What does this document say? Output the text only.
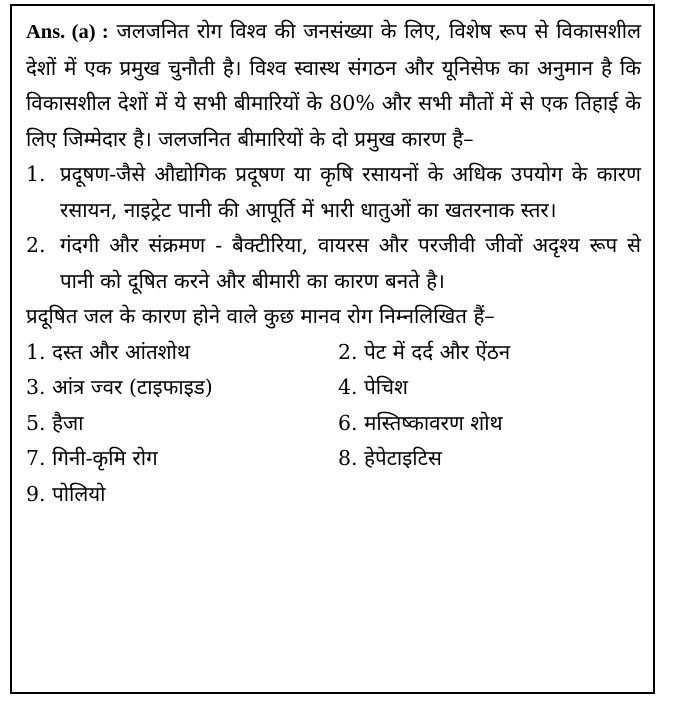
Ans. (a) : जलजनित रोग विश्व की जनसंख्या के लिए, विशेष रूप से विकासशील देशों में एक प्रमुख चुनौती है। विश्व स्वास्थ संगठन और यूनिसेफ का अनुमान है कि विकासशील देशों में ये सभी बीमारियों के 80% और सभी मौतों में से एक तिहाई के लिए जिम्मेदार है। जलजनित बीमारियों के दो प्रमुख कारण है–

1. प्रदूषण-जैसे औद्योगिक प्रदूषण या कृषि रसायनों के अधिक उपयोग के कारण रसायन, नाइट्रेट पानी की आपूर्ति में भारी धातुओं का खतरनाक स्तर।
2. गंदगी और संक्रमण - बैक्टीरिया, वायरस और परजीवी जीवों अदृश्य रूप से पानी को दूषित करने और बीमारी का कारण बनते है।

प्रदूषित जल के कारण होने वाले कुछ मानव रोग निम्नलिखित हैं–

1. दस्त और आंतशोथ	2. पेट में दर्द और ऐंठन
3. आंत्र ज्वर (टाइफाइड)	4. पेचिश
5. हैजा	6. मस्तिष्कावरण शोथ
7. गिनी-कृमि रोग	8. हेपेटाइटिस
9. पोलियो
